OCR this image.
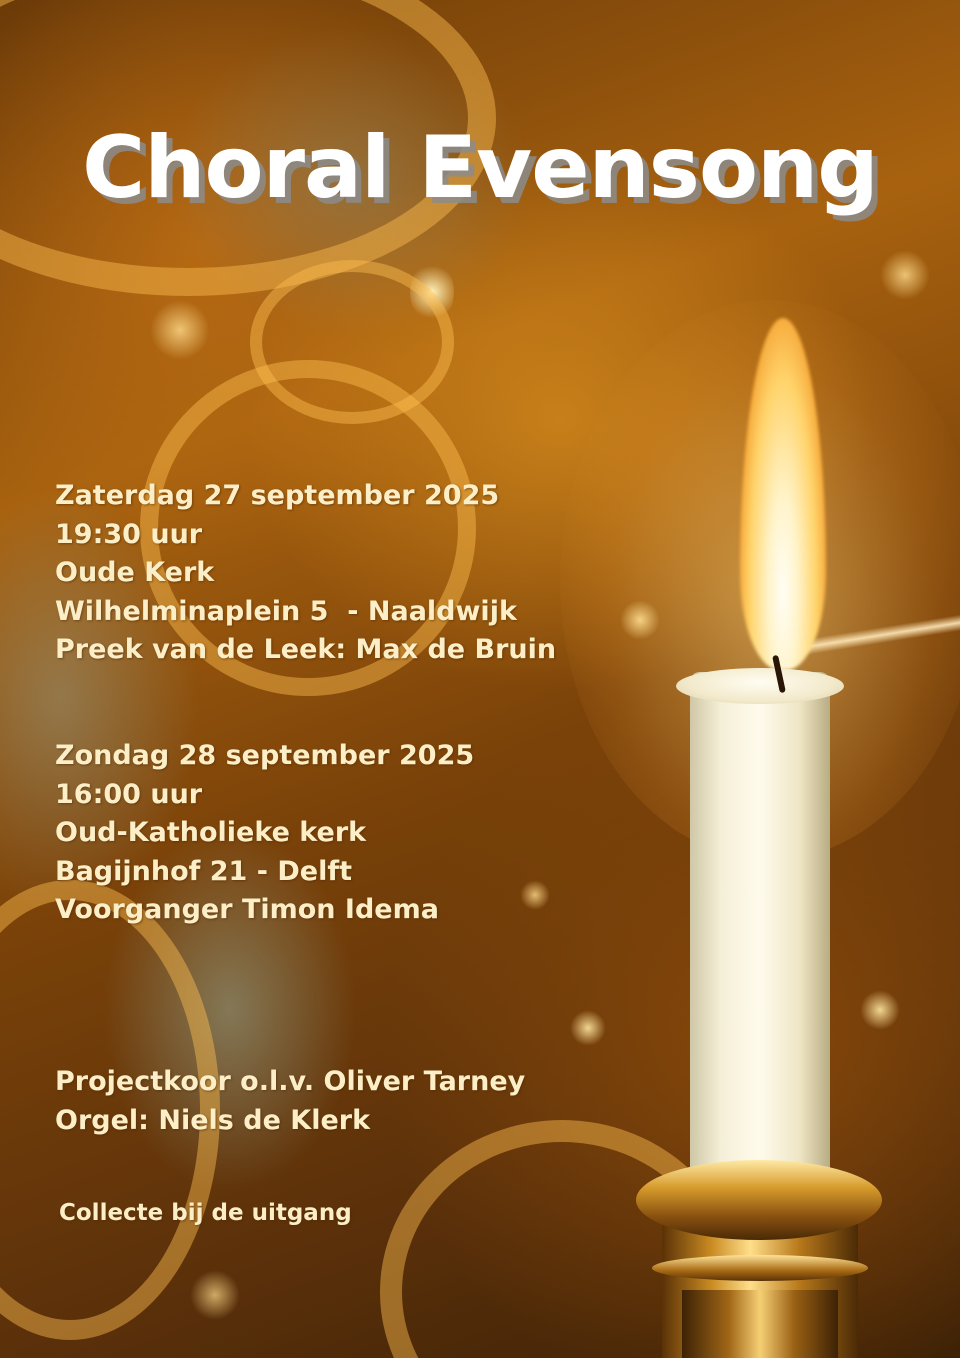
Choral Evensong
Zaterdag 27 september 2025
19:30 uur
Oude Kerk
Wilhelminaplein 5  - Naaldwijk
Preek van de Leek: Max de Bruin
Zondag 28 september 2025
16:00 uur
Oud-Katholieke kerk
Bagijnhof 21 - Delft
Voorganger Timon Idema
Projectkoor o.l.v. Oliver Tarney
Orgel: Niels de Klerk

Collecte bij de uitgang
